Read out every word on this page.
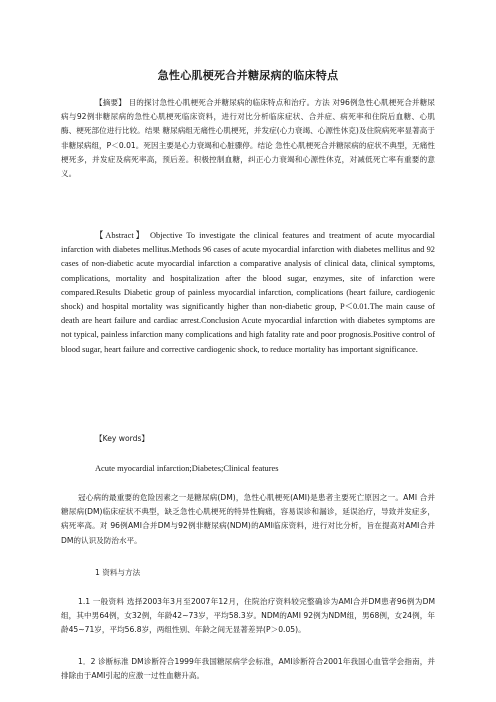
急性心肌梗死合并糖尿病的临床特点
【摘要】 目的探讨急性心肌梗死合并糖尿病的临床特点和治疗。方法 对96例急性心肌梗死合并糖尿病与92例非糖尿病的急性心肌梗死临床资料，进行对比分析临床症状、合并症、病死率和住院后血糖、心肌酶、梗死部位进行比较。结果 糖尿病组无痛性心肌梗死，并发症(心力衰竭、心源性休克)及住院病死率显著高于非糖尿病组，P＜0.01。死因主要是心力衰竭和心脏骤停。结论 急性心肌梗死合并糖尿病的症状不典型，无痛性梗死多，并发症及病死率高，预后差。积极控制血糖，纠正心力衰竭和心源性休克，对减低死亡率有重要的意义。
【Abstract】 Objective To investigate the clinical features and treatment of acute myocardial infarction with diabetes mellitus.Methods 96 cases of acute myocardial infarction with diabetes mellitus and 92 cases of non-diabetic acute myocardial infarction a comparative analysis of clinical data, clinical symptoms, complications, mortality and hospitalization after the blood sugar, enzymes, site of infarction were compared.Results Diabetic group of painless myocardial infarction, complications (heart failure, cardiogenic shock) and hospital mortality was significantly higher than non-diabetic group, P＜0.01.The main cause of death are heart failure and cardiac arrest.Conclusion Acute myocardial infarction with diabetes symptoms are not typical, painless infarction many complications and high fatality rate and poor prognosis.Positive control of blood sugar, heart failure and corrective cardiogenic shock, to reduce mortality has important significance.
【Key words】
Acute myocardial infarction;Diabetes;Clinical features
冠心病的最重要的危险因素之一是糖尿病(DM)，急性心肌梗死(AMI)是患者主要死亡原因之一。AMI 合并糖尿病(DM)临床症状不典型，缺乏急性心肌梗死的特异性胸痛，容易误诊和漏诊，延误治疗，导致并发症多，病死率高。对 96例AMI合并DM与92例非糖尿病(NDM)的AMI临床资料，进行对比分析，旨在提高对AMI合并DM的认识及防治水平。
1 资料与方法
1.1 一般资料 选择2003年3月至2007年12月，住院治疗资料较完整确诊为AMI合并DM患者96例为DM组，其中男64例，女32例，年龄42~73岁，平均58.3岁。NDM的AMI 92例为NDM组，男68例，女24例，年龄45~71岁，平均56.8岁，两组性别、年龄之间无显著差异(P＞0.05)。
1．2 诊断标准 DM诊断符合1999年我国糖尿病学会标准，AMI诊断符合2001年我国心血管学会指南，并排除由于AMI引起的应激一过性血糖升高。
